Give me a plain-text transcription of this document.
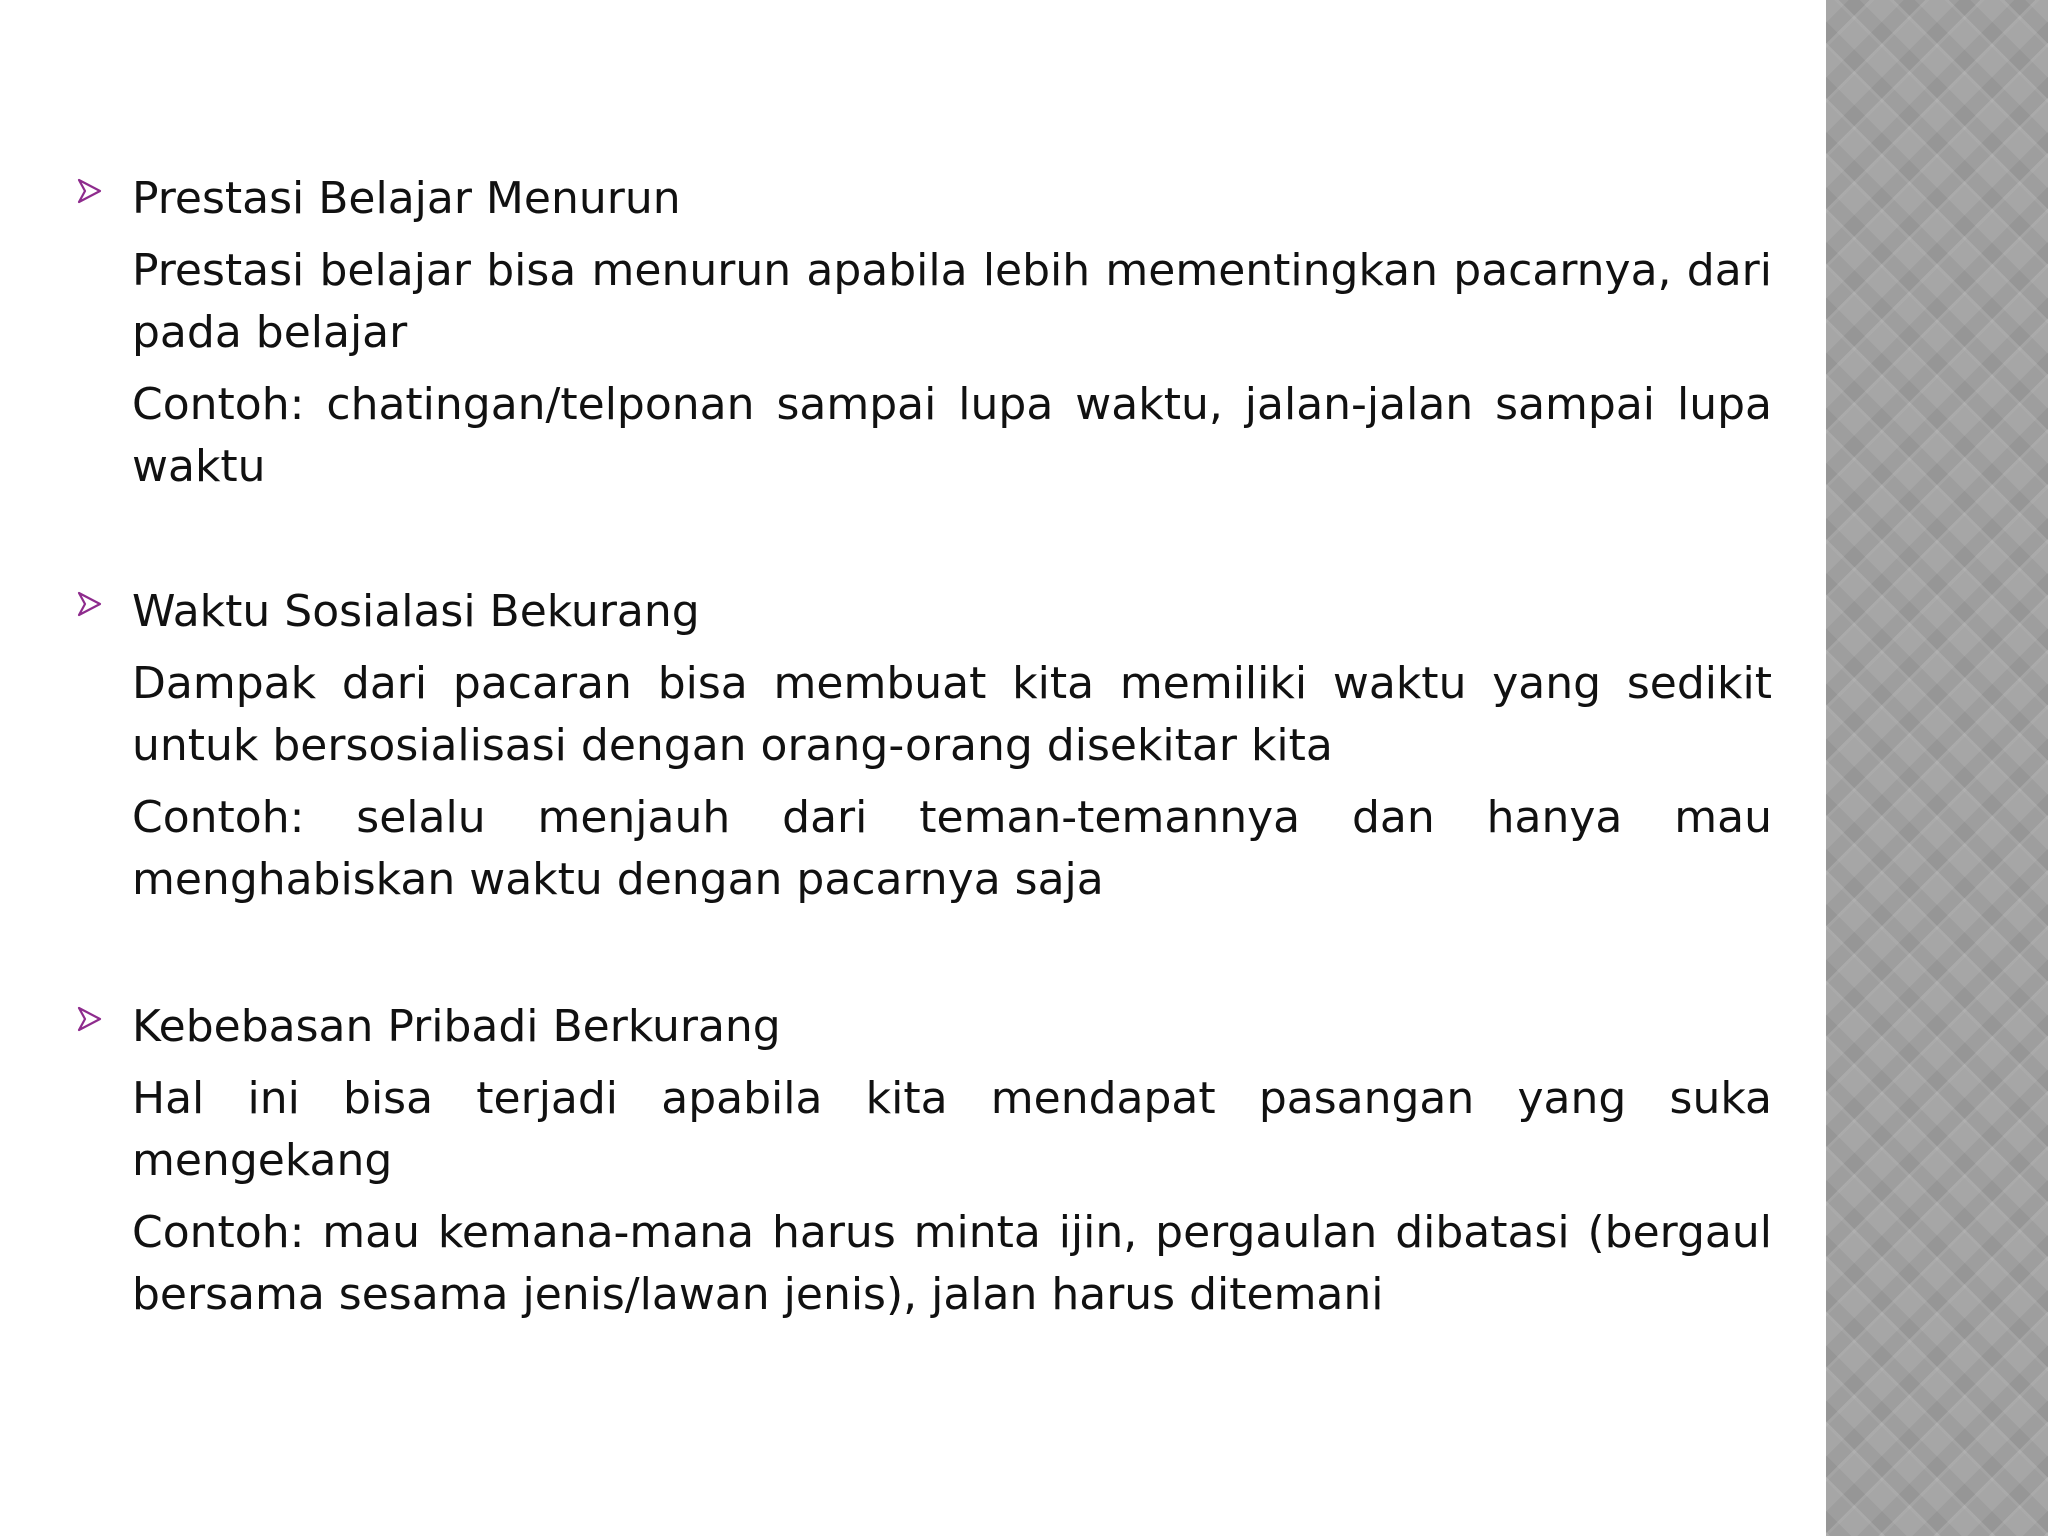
Prestasi Belajar Menurun
Prestasi belajar bisa menurun apabila lebih mementingkan pacarnya, dari pada belajar
Contoh: chatingan/telponan sampai lupa waktu, jalan-jalan sampai lupa waktu
Waktu Sosialasi Bekurang
Dampak dari pacaran bisa membuat kita memiliki waktu yang sedikit untuk bersosialisasi dengan orang-orang disekitar kita
Contoh: selalu menjauh dari teman-temannya dan hanya mau menghabiskan waktu dengan pacarnya saja
Kebebasan Pribadi Berkurang
Hal ini bisa terjadi apabila kita mendapat pasangan yang suka mengekang
Contoh: mau kemana-mana harus minta ijin, pergaulan dibatasi (bergaul bersama sesama jenis/lawan jenis), jalan harus ditemani
